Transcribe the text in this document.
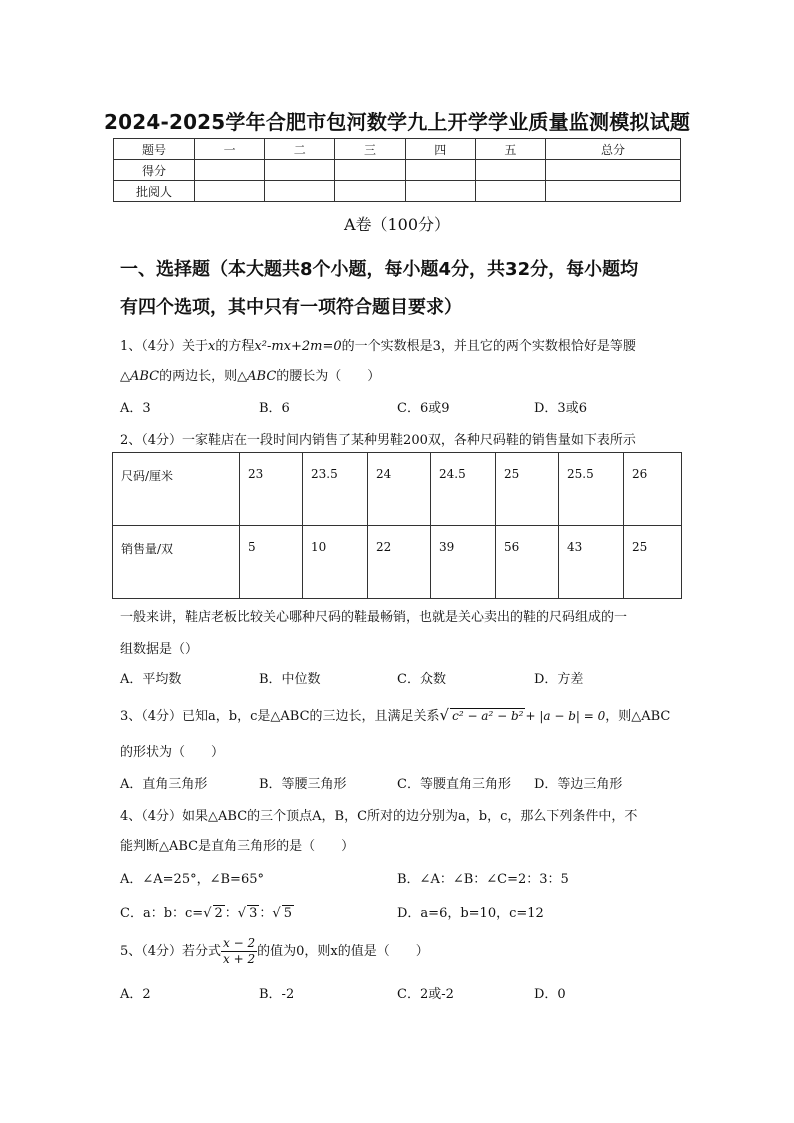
2024-2025学年合肥市包河数学九上开学学业质量监测模拟试题
题号	一	二	三	四	五	总分
得分						
批阅人						
A卷（100分）
一、选择题（本大题共8个小题，每小题4分，共32分，每小题均
有四个选项，其中只有一项符合题目要求）
1、（4分）关于x的方程x²-mx+2m=0的一个实数根是3，并且它的两个实数根恰好是等腰
△ABC的两边长，则△ABC的腰长为（　　）
A．3	B．6	C．6或9	D．3或6
2、（4分）一家鞋店在一段时间内销售了某种男鞋200双，各种尺码鞋的销售量如下表所示
尺码/厘米	23	23.5	24	24.5	25	25.5	26
销售量/双	5	10	22	39	56	43	25
一般来讲，鞋店老板比较关心哪种尺码的鞋最畅销，也就是关心卖出的鞋的尺码组成的一
组数据是（）
A．平均数	B．中位数	C．众数	D．方差
3、（4分）已知a，b，c是△ABC的三边长，且满足关系√ c² − a² − b² + |a − b| = 0，则△ABC
的形状为（　　）
A．直角三角形	B．等腰三角形	C．等腰直角三角形 D．等边三角形
4、（4分）如果△ABC的三个顶点A，B，C所对的边分别为a，b，c，那么下列条件中，不
能判断△ABC是直角三角形的是（　　）
A．∠A=25°，∠B=65°	B．∠A：∠B：∠C=2：3：5
C．a：b：c=√ 2 ：√ 3 ：√ 5	D．a=6，b=10，c=12
5、（4分）若分式 $\frac{x - 2}{x + 2}$ 的值为0，则x的值是（　　）
A．2	B．-2	C．2或-2	D．0
